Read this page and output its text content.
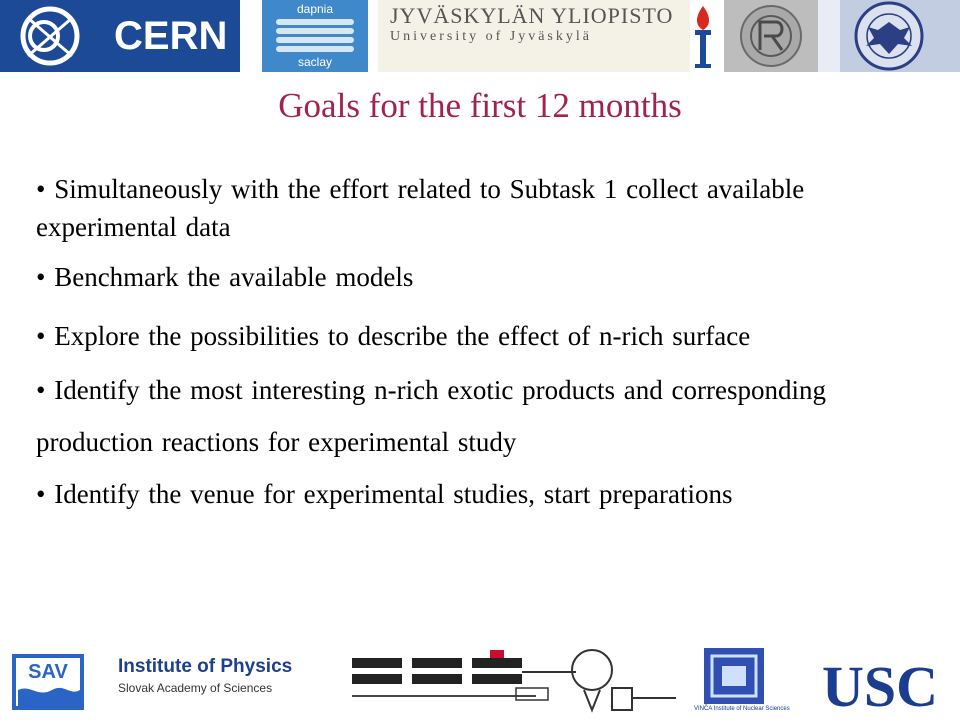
CERN
dapnia
saclay
JYVÄSKYLÄN YLIOPISTO
University of Jyväskylä
Goals for the first 12 months

• Simultaneously with the effort related to Subtask 1 collect available experimental data

• Benchmark the available models

• Explore the possibilities to describe the effect of n-rich surface

• Identify the most interesting n-rich exotic products and corresponding production reactions for experimental study

• Identify the venue for experimental studies, start preparations

SAV	Institute of Physics
Slovak Academy of Sciences
VINČA Institute of Nuclear Sciences USC
